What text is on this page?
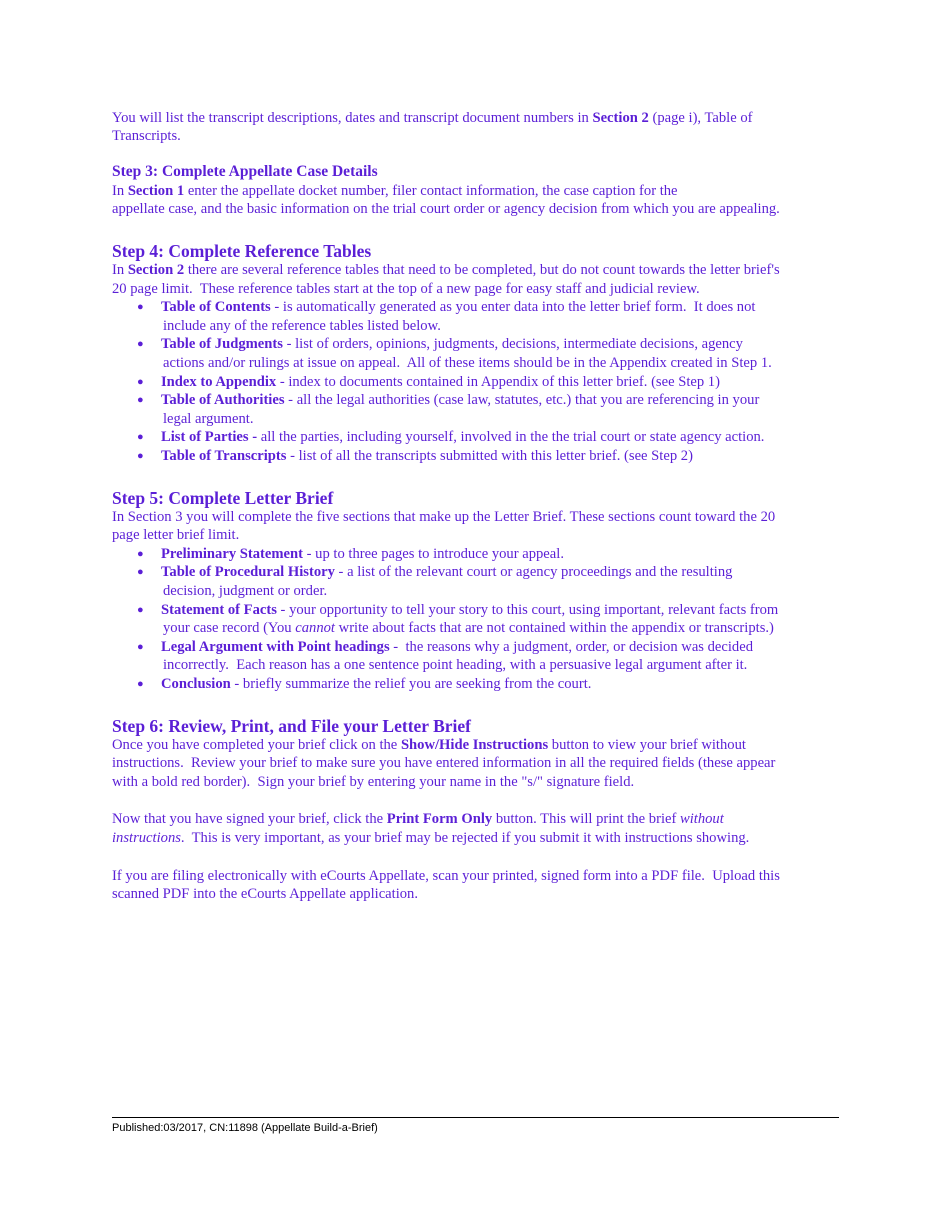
You will list the transcript descriptions, dates and transcript document numbers in Section 2 (page i), Table of
Transcripts.
Step 3: Complete Appellate Case Details
In Section 1 enter the appellate docket number, filer contact information, the case caption for the
appellate case, and the basic information on the trial court order or agency decision from which you are appealing.
Step 4: Complete Reference Tables
In Section 2 there are several reference tables that need to be completed, but do not count towards the letter brief's
20 page limit.  These reference tables start at the top of a new page for easy staff and judicial review.
● Table of Contents - is automatically generated as you enter data into the letter brief form.  It does not
include any of the reference tables listed below.
● Table of Judgments - list of orders, opinions, judgments, decisions, intermediate decisions, agency
actions and/or rulings at issue on appeal.  All of these items should be in the Appendix created in Step 1.
● Index to Appendix - index to documents contained in Appendix of this letter brief. (see Step 1)
● Table of Authorities - all the legal authorities (case law, statutes, etc.) that you are referencing in your
legal argument.
● List of Parties - all the parties, including yourself, involved in the the trial court or state agency action.
● Table of Transcripts - list of all the transcripts submitted with this letter brief. (see Step 2)
Step 5: Complete Letter Brief
In Section 3 you will complete the five sections that make up the Letter Brief. These sections count toward the 20
page letter brief limit.
● Preliminary Statement - up to three pages to introduce your appeal.
● Table of Procedural History - a list of the relevant court or agency proceedings and the resulting
decision, judgment or order.
● Statement of Facts - your opportunity to tell your story to this court, using important, relevant facts from
your case record (You cannot write about facts that are not contained within the appendix or transcripts.)
● Legal Argument with Point headings -  the reasons why a judgment, order, or decision was decided
incorrectly.  Each reason has a one sentence point heading, with a persuasive legal argument after it.
● Conclusion - briefly summarize the relief you are seeking from the court.
Step 6: Review, Print, and File your Letter Brief
Once you have completed your brief click on the Show/Hide Instructions button to view your brief without
instructions.  Review your brief to make sure you have entered information in all the required fields (these appear
with a bold red border).  Sign your brief by entering your name in the "s/" signature field.
Now that you have signed your brief, click the Print Form Only button. This will print the brief without
instructions.  This is very important, as your brief may be rejected if you submit it with instructions showing.
If you are filing electronically with eCourts Appellate, scan your printed, signed form into a PDF file.  Upload this
scanned PDF into the eCourts Appellate application.
Published:03/2017, CN:11898 (Appellate Build-a-Brief)
